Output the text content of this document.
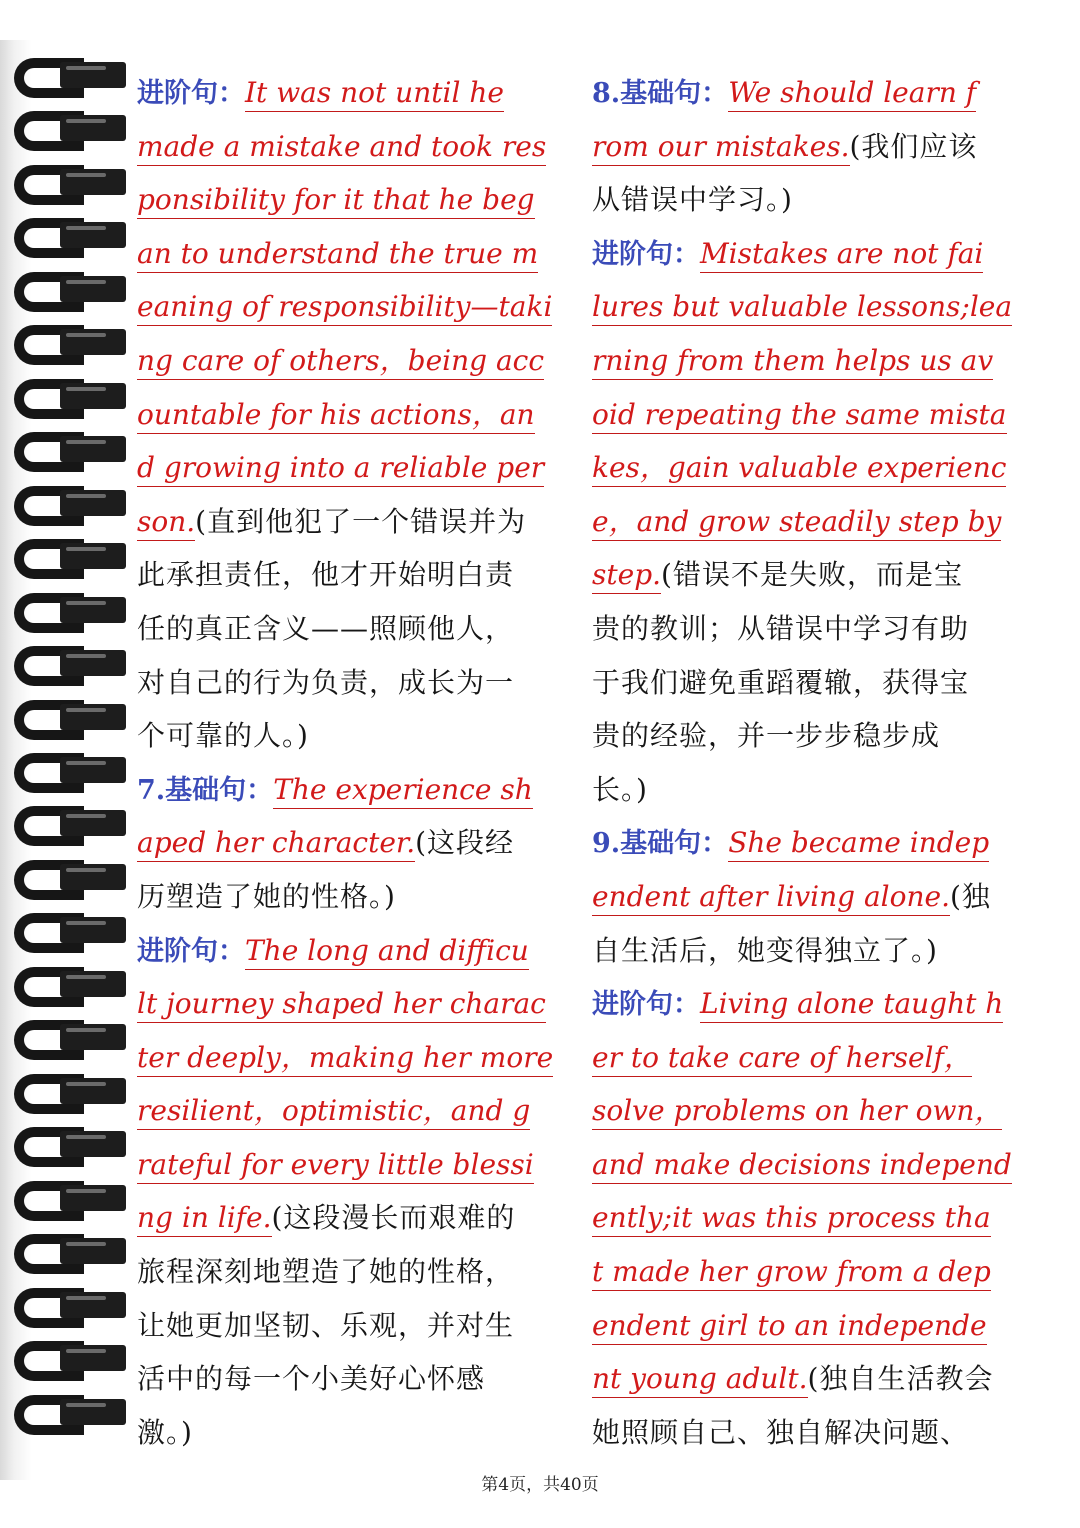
进阶句：It was not until he
made a mistake and took res
ponsibility for it that he beg
an to understand the true m
eaning of responsibility—taki
ng care of others，being acc
ountable for his actions，an
d growing into a reliable per
son.(直到他犯了一个错误并为
此承担责任，他才开始明白责
任的真正含义——照顾他人，
对自己的行为负责，成长为一
个可靠的人。)
7.基础句：The experience sh
aped her character.(这段经
历塑造了她的性格。)
进阶句：The long and difficu
lt journey shaped her charac
ter deeply，making her more
resilient，optimistic，and g
rateful for every little blessi
ng in life.(这段漫长而艰难的
旅程深刻地塑造了她的性格，
让她更加坚韧、乐观，并对生
活中的每一个小美好心怀感
激。)
8.基础句：We should learn f
rom our mistakes.(我们应该
从错误中学习。)
进阶句：Mistakes are not fai
lures but valuable lessons;lea
rning from them helps us av
oid repeating the same mista
kes，gain valuable experienc
e，and grow steadily step by
step.(错误不是失败，而是宝
贵的教训；从错误中学习有助
于我们避免重蹈覆辙，获得宝
贵的经验，并一步步稳步成
长。)
9.基础句：She became indep
endent after living alone.(独
自生活后，她变得独立了。)
进阶句：Living alone taught h
er to take care of herself，
solve problems on her own，
and make decisions independ
ently;it was this process tha
t made her grow from a dep
endent girl to an independe
nt young adult.(独自生活教会
她照顾自己、独自解决问题、
第4页，共40页
